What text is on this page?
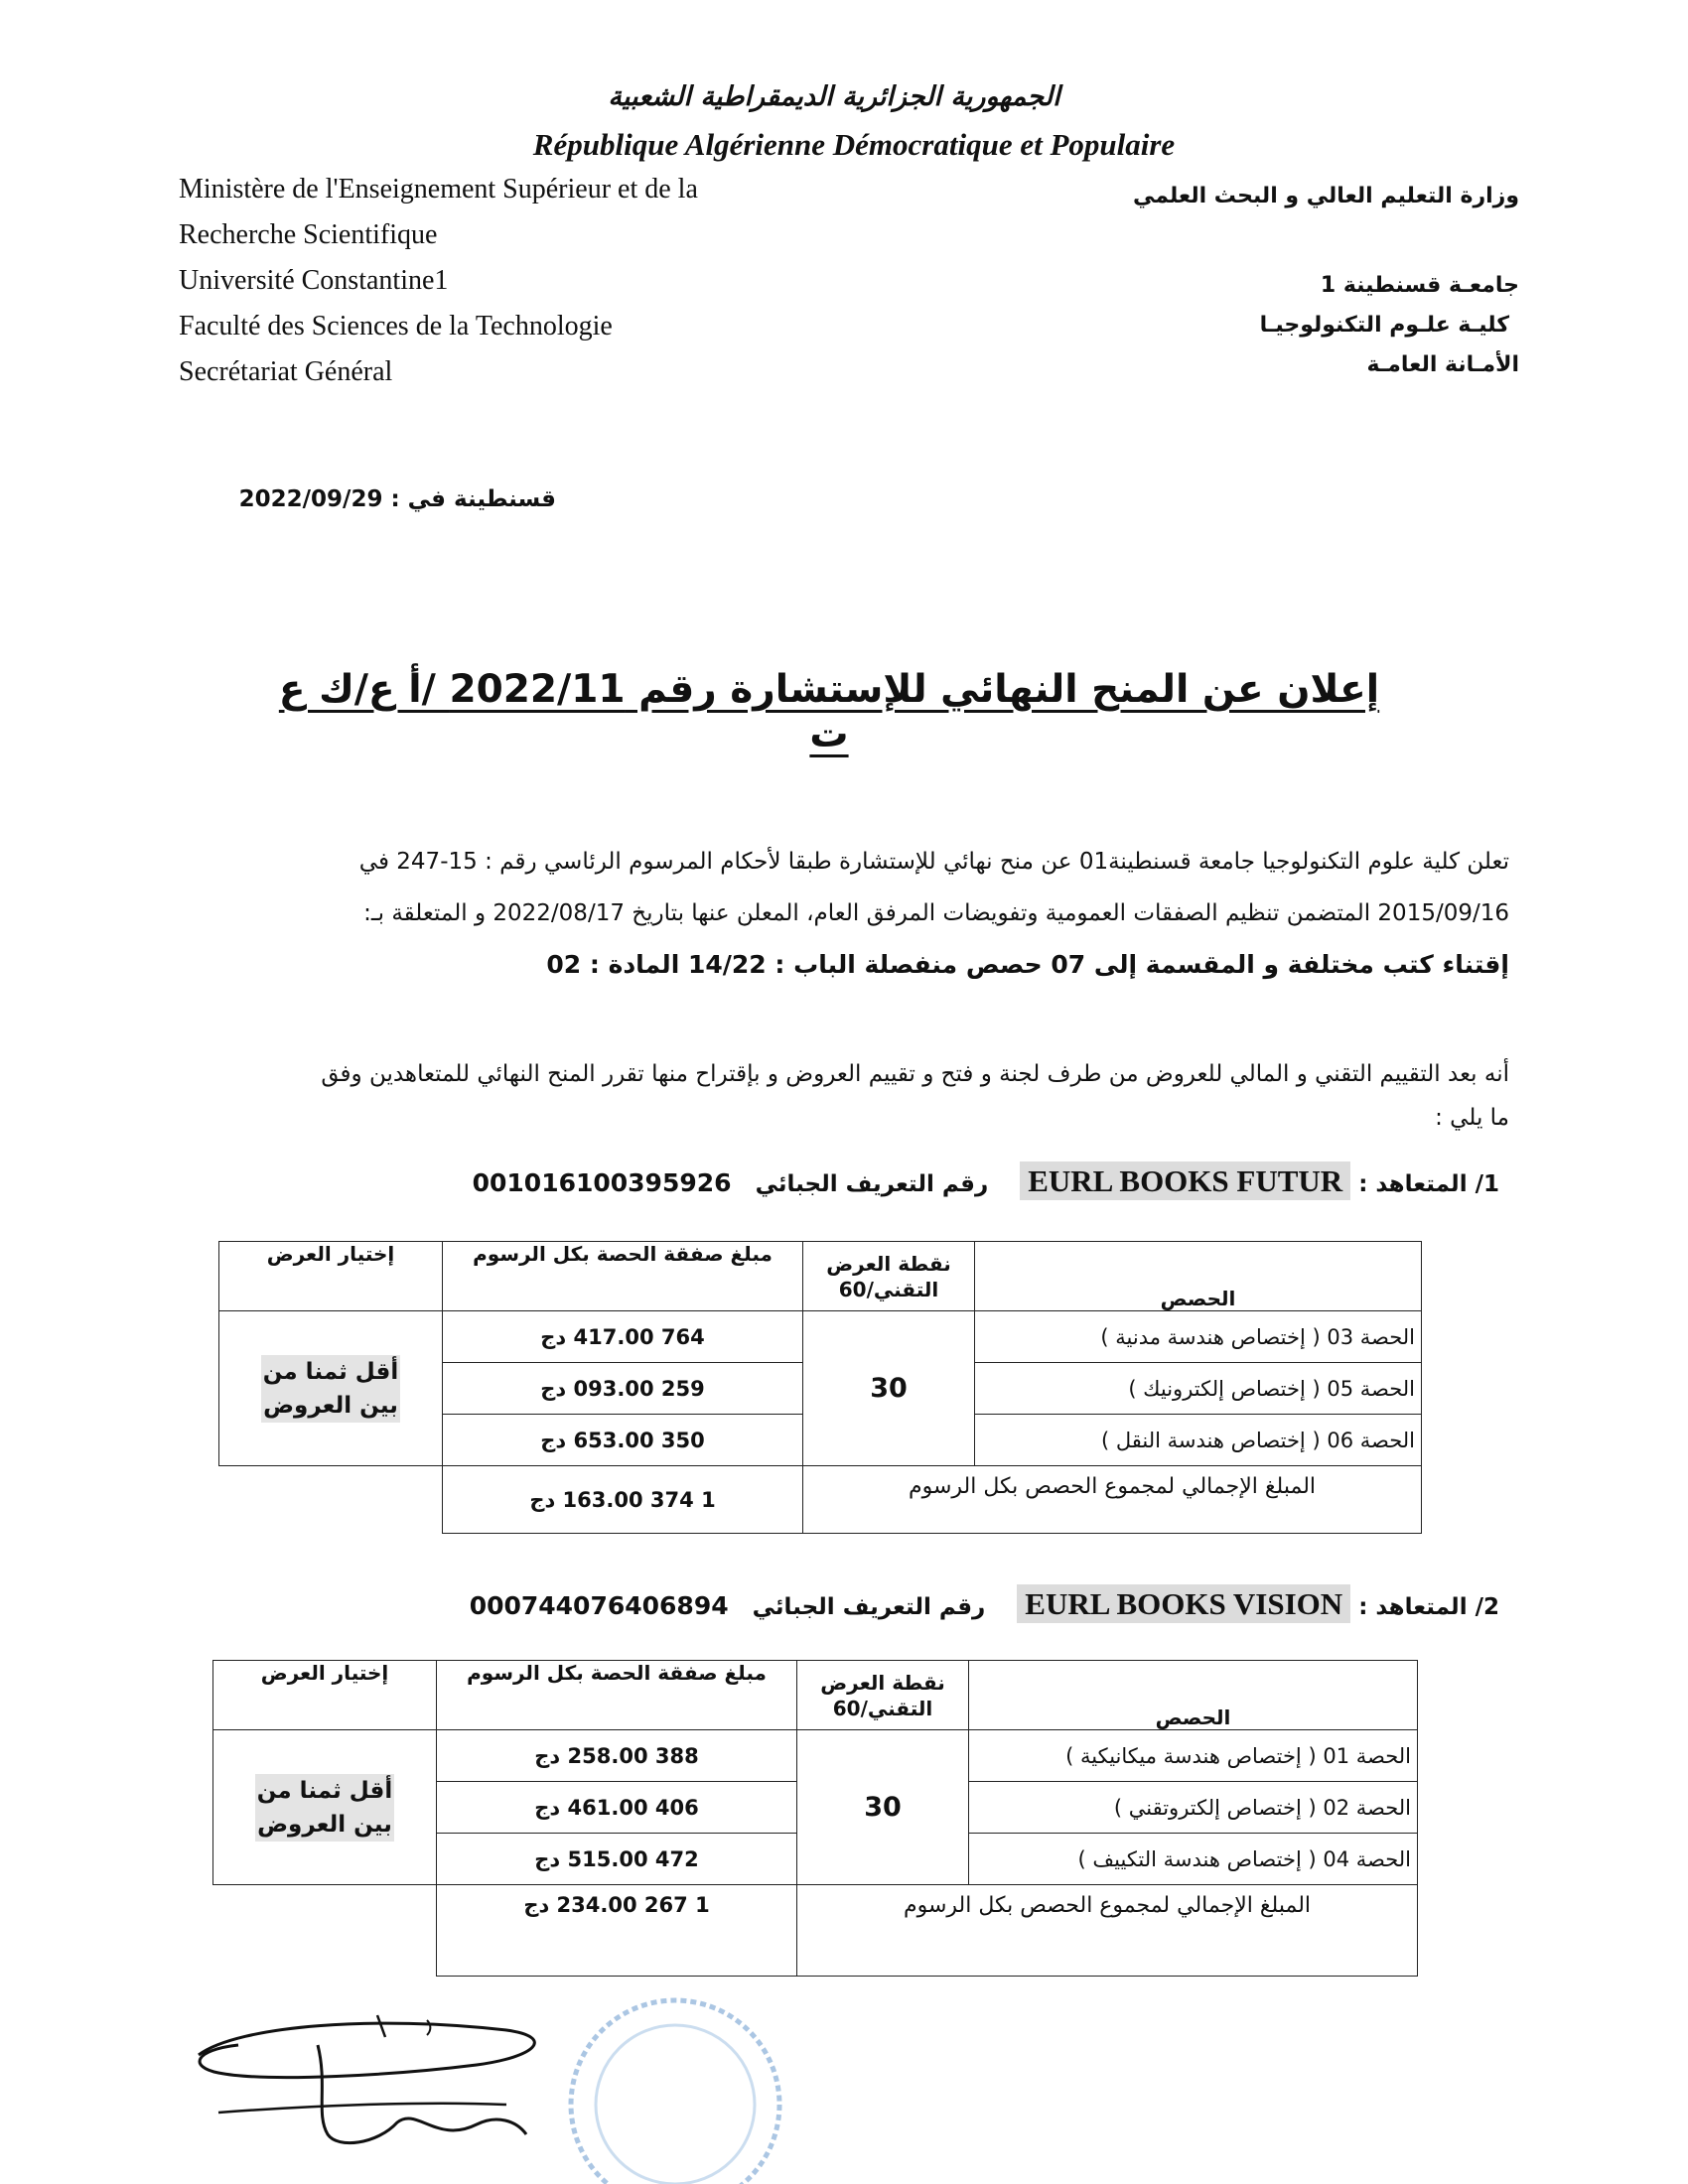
الجمهورية الجزائرية الديمقراطية الشعبية
République Algérienne Démocratique et Populaire
Ministère de l'Enseignement Supérieur et de la
Recherche Scientifique
Université Constantine1
Faculté des Sciences de la Technologie
Secrétariat Général
وزارة التعليم العالي و البحث العلمي
جامعـة قسنطينة 1
كليـة علـوم التكنولوجيـا
الأمـانة العامـة
قسنطينة في : 2022/09/29
إعلان عن المنح النهائي للإستشارة رقم 2022/11 /أ ع/ك ع ت
تعلن كلية علوم التكنولوجيا جامعة قسنطينة01 عن منح نهائي للإستشارة طبقا لأحكام المرسوم الرئاسي رقم : 15-247 في
2015/09/16 المتضمن تنظيم الصفقات العمومية وتفويضات المرفق العام، المعلن عنها بتاريخ 2022/08/17 و المتعلقة بـ:
إقتناء كتب مختلفة و المقسمة إلى 07 حصص منفصلة الباب : 14/22 المادة : 02
أنه بعد التقييم التقني و المالي للعروض من طرف لجنة و فتح و تقييم العروض و بإقتراح منها تقرر المنح النهائي للمتعاهدين وفق
ما يلي :
1/ المتعاهد : EURL BOOKS FUTUR    رقم التعريف الجبائي   001016100395926
إختيار العرض	مبلغ صفقة الحصة بكل الرسوم	نقطة العرض التقني/60	الحصص
أقل ثمنا من بين العروض	764 417.00 دج	30	الحصة 03 ( إختصاص هندسة مدنية )
	259 093.00 دج		الحصة 05 ( إختصاص إلكترونيك )
	350 653.00 دج		الحصة 06 ( إختصاص هندسة النقل )
	1 374 163.00 دج	المبلغ الإجمالي لمجموع الحصص بكل الرسوم	
2/ المتعاهد : EURL BOOKS VISION    رقم التعريف الجبائي   000744076406894
إختيار العرض	مبلغ صفقة الحصة بكل الرسوم	نقطة العرض التقني/60	الحصص
أقل ثمنا من بين العروض	388 258.00 دج	30	الحصة 01 ( إختصاص هندسة ميكانيكية )
	406 461.00 دج		الحصة 02 ( إختصاص إلكتروتقني )
	472 515.00 دج		الحصة 04 ( إختصاص هندسة التكييف )
	1 267 234.00 دج	المبلغ الإجمالي لمجموع الحصص بكل الرسوم	
